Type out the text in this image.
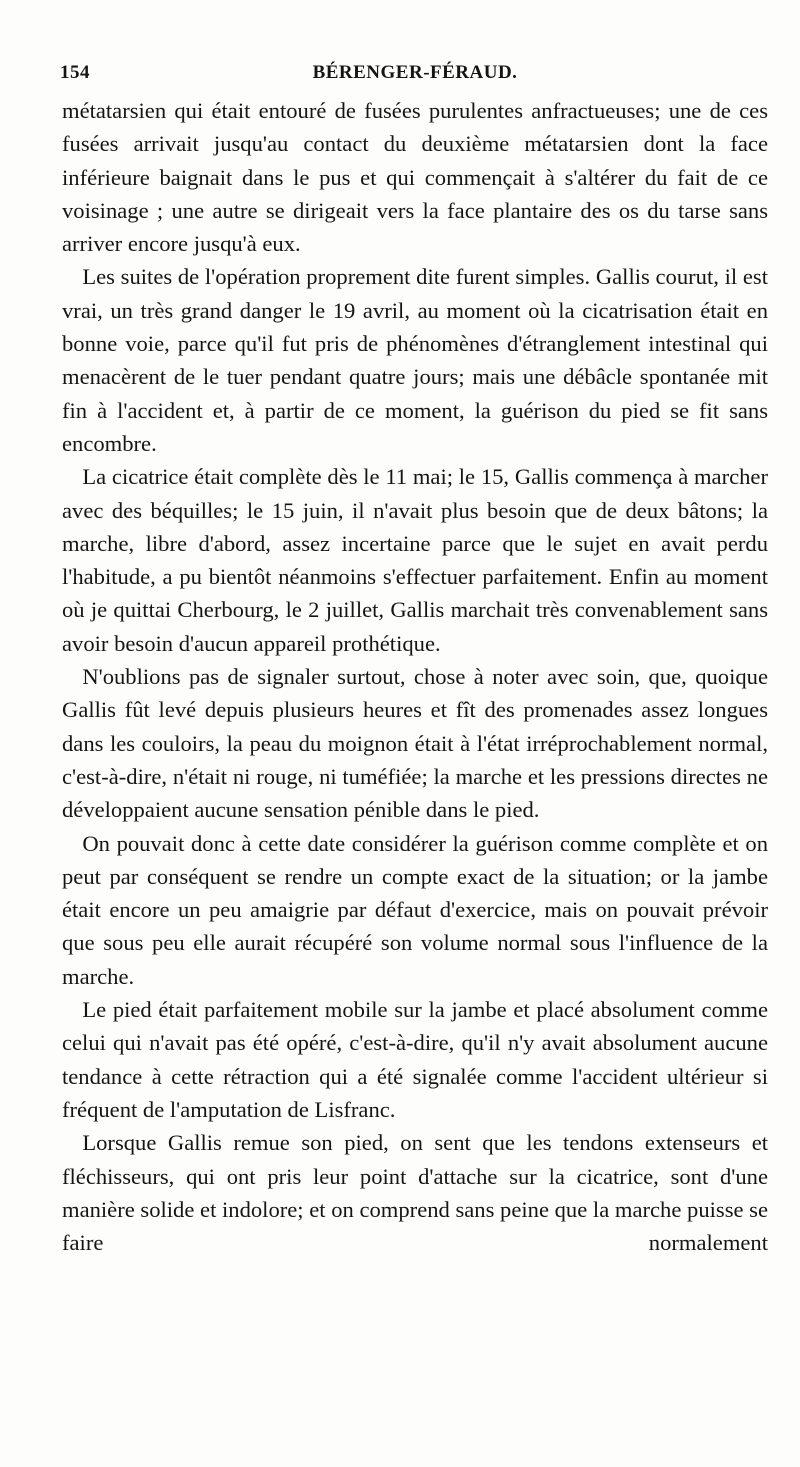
154	BÉRENGER-FÉRAUD.

métatarsien qui était entouré de fusées purulentes anfractueuses; une de ces fusées arrivait jusqu'au contact du deuxième métatarsien dont la face inférieure baignait dans le pus et qui commençait à s'altérer du fait de ce voisinage ; une autre se dirigeait vers la face plantaire des os du tarse sans arriver encore jusqu'à eux.

Les suites de l'opération proprement dite furent simples. Gallis courut, il est vrai, un très grand danger le 19 avril, au moment où la cicatrisation était en bonne voie, parce qu'il fut pris de phénomènes d'étranglement intestinal qui menacèrent de le tuer pendant quatre jours; mais une débâcle spontanée mit fin à l'accident et, à partir de ce moment, la guérison du pied se fit sans encombre.

La cicatrice était complète dès le 11 mai; le 15, Gallis commença à marcher avec des béquilles; le 15 juin, il n'avait plus besoin que de deux bâtons; la marche, libre d'abord, assez incertaine parce que le sujet en avait perdu l'habitude, a pu bientôt néanmoins s'effectuer parfaitement. Enfin au moment où je quittai Cherbourg, le 2 juillet, Gallis marchait très convenablement sans avoir besoin d'aucun appareil prothétique.

N'oublions pas de signaler surtout, chose à noter avec soin, que, quoique Gallis fût levé depuis plusieurs heures et fît des promenades assez longues dans les couloirs, la peau du moignon était à l'état irréprochablement normal, c'est-à-dire, n'était ni rouge, ni tuméfiée; la marche et les pressions directes ne développaient aucune sensation pénible dans le pied.

On pouvait donc à cette date considérer la guérison comme complète et on peut par conséquent se rendre un compte exact de la situation; or la jambe était encore un peu amaigrie par défaut d'exercice, mais on pouvait prévoir que sous peu elle aurait récupéré son volume normal sous l'influence de la marche.

Le pied était parfaitement mobile sur la jambe et placé absolument comme celui qui n'avait pas été opéré, c'est-à-dire, qu'il n'y avait absolument aucune tendance à cette rétraction qui a été signalée comme l'accident ultérieur si fréquent de l'amputation de Lisfranc.

Lorsque Gallis remue son pied, on sent que les tendons extenseurs et fléchisseurs, qui ont pris leur point d'attache sur la cicatrice, sont d'une manière solide et indolore; et on comprend sans peine que la marche puisse se faire normalement
